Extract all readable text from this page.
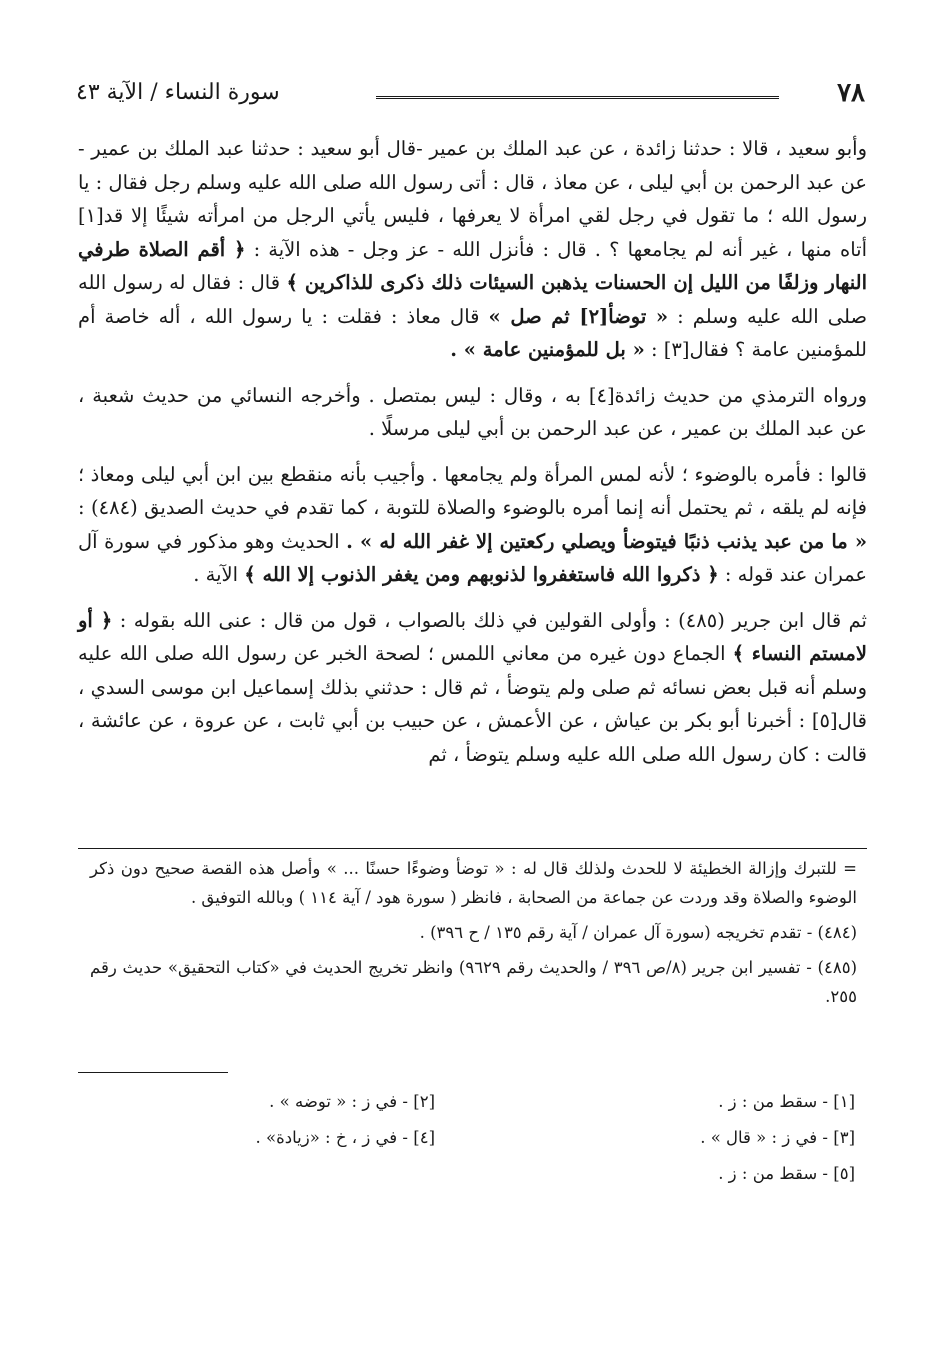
٧٨
سورة النساء / الآية ٤٣

وأبو سعيد ، قالا : حدثنا زائدة ، عن عبد الملك بن عمير -قال أبو سعيد : حدثنا عبد الملك بن عمير - عن عبد الرحمن بن أبي ليلى ، عن معاذ ، قال : أتى رسول الله صلى الله عليه وسلم رجل فقال : يا رسول الله ؛ ما تقول في رجل لقي امرأة لا يعرفها ، فليس يأتي الرجل من امرأته شيئًا إلا قد[١] أتاه منها ، غير أنه لم يجامعها ؟ . قال : فأنزل الله - عز وجل - هذه الآية : ﴿ أقم الصلاة طرفي النهار وزلفًا من الليل إن الحسنات يذهبن السيئات ذلك ذكرى للذاكرين ﴾ قال : فقال له رسول الله صلى الله عليه وسلم : « توضأ[٢] ثم صل » قال معاذ : فقلت : يا رسول الله ، أله خاصة أم للمؤمنين عامة ؟ فقال[٣] : « بل للمؤمنين عامة » .

ورواه الترمذي من حديث زائدة[٤] به ، وقال : ليس بمتصل . وأخرجه النسائي من حديث شعبة ، عن عبد الملك بن عمير ، عن عبد الرحمن بن أبي ليلى مرسلًا .

قالوا : فأمره بالوضوء ؛ لأنه لمس المرأة ولم يجامعها . وأجيب بأنه منقطع بين ابن أبي ليلى ومعاذ ؛ فإنه لم يلقه ، ثم يحتمل أنه إنما أمره بالوضوء والصلاة للتوبة ، كما تقدم في حديث الصديق (٤٨٤) : « ما من عبد يذنب ذنبًا فيتوضأ ويصلي ركعتين إلا غفر الله له » . الحديث وهو مذكور في سورة آل عمران عند قوله : ﴿ ذكروا الله فاستغفروا لذنوبهم ومن يغفر الذنوب إلا الله ﴾ الآية .

ثم قال ابن جرير (٤٨٥) : وأولى القولين في ذلك بالصواب ، قول من قال : عنى الله بقوله : ﴿ أو لامستم النساء ﴾ الجماع دون غيره من معاني اللمس ؛ لصحة الخبر عن رسول الله صلى الله عليه وسلم أنه قبل بعض نسائه ثم صلى ولم يتوضأ ، ثم قال : حدثني بذلك إسماعيل ابن موسى السدي ، قال[٥] : أخبرنا أبو بكر بن عياش ، عن الأعمش ، عن حبيب بن أبي ثابت ، عن عروة ، عن عائشة ، قالت : كان رسول الله صلى الله عليه وسلم يتوضأ ، ثم

= للتبرك وإزالة الخطيئة لا للحدث ولذلك قال له : « توضأ وضوءًا حسنًا ... » وأصل هذه القصة صحيح دون ذكر الوضوء والصلاة وقد وردت عن جماعة من الصحابة ، فانظر ( سورة هود / آية ١١٤ ) وبالله التوفيق .

(٤٨٤) - تقدم تخريجه (سورة آل عمران / آية رقم ١٣٥ / ح ٣٩٦) .

(٤٨٥) - تفسير ابن جرير (٨/ص ٣٩٦ / والحديث رقم ٩٦٢٩) وانظر تخريج الحديث في «كتاب التحقيق» حديث رقم ٢٥٥.

[١] - سقط من : ز .
[٢] - في ز : « توضه » .
[٣] - في ز : « قال » .
[٤] - في ز ، خ : «زيادة» .
[٥] - سقط من : ز .
